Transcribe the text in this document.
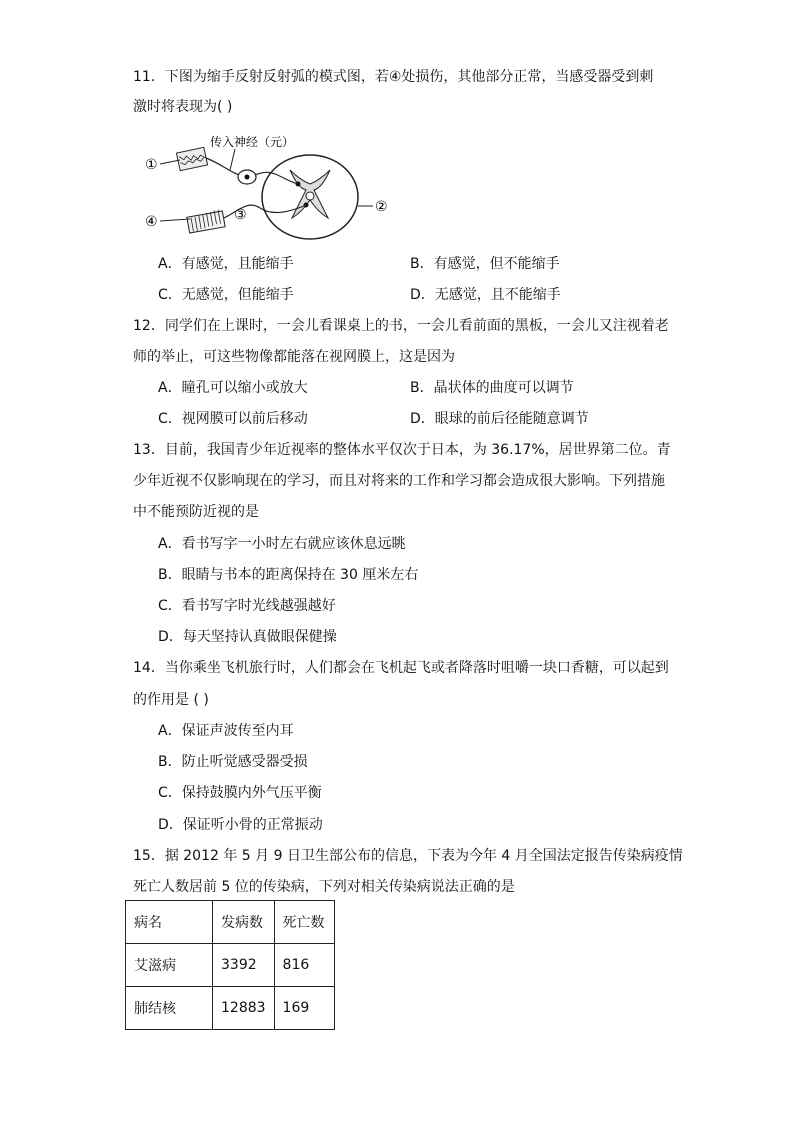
11．下图为缩手反射反射弧的模式图，若④处损伤，其他部分正常，当感受器受到刺
激时将表现为( )
传入神经（元）
①
②
③
④
A．有感觉，且能缩手	B．有感觉，但不能缩手
C．无感觉，但能缩手	D．无感觉，且不能缩手
12．同学们在上课时，一会儿看课桌上的书，一会儿看前面的黑板，一会儿又注视着老
师的举止，可这些物像都能落在视网膜上，这是因为
A．瞳孔可以缩小或放大	B．晶状体的曲度可以调节
C．视网膜可以前后移动	D．眼球的前后径能随意调节
13．目前，我国青少年近视率的整体水平仅次于日本，为 36.17%，居世界第二位。青
少年近视不仅影响现在的学习，而且对将来的工作和学习都会造成很大影响。下列措施
中不能预防近视的是
A．看书写字一小时左右就应该休息远眺
B．眼睛与书本的距离保持在 30 厘米左右
C．看书写字时光线越强越好
D．每天坚持认真做眼保健操
14．当你乘坐飞机旅行时，人们都会在飞机起飞或者降落时咀嚼一块口香糖，可以起到
的作用是 ( )
A．保证声波传至内耳
B．防止听觉感受器受损
C．保持鼓膜内外气压平衡
D．保证听小骨的正常振动
15．据 2012 年 5 月 9 日卫生部公布的信息，下表为今年 4 月全国法定报告传染病疫情
死亡人数居前 5 位的传染病，下列对相关传染病说法正确的是
病名	发病数	死亡数
艾滋病	3392	816
肺结核	12883	169
